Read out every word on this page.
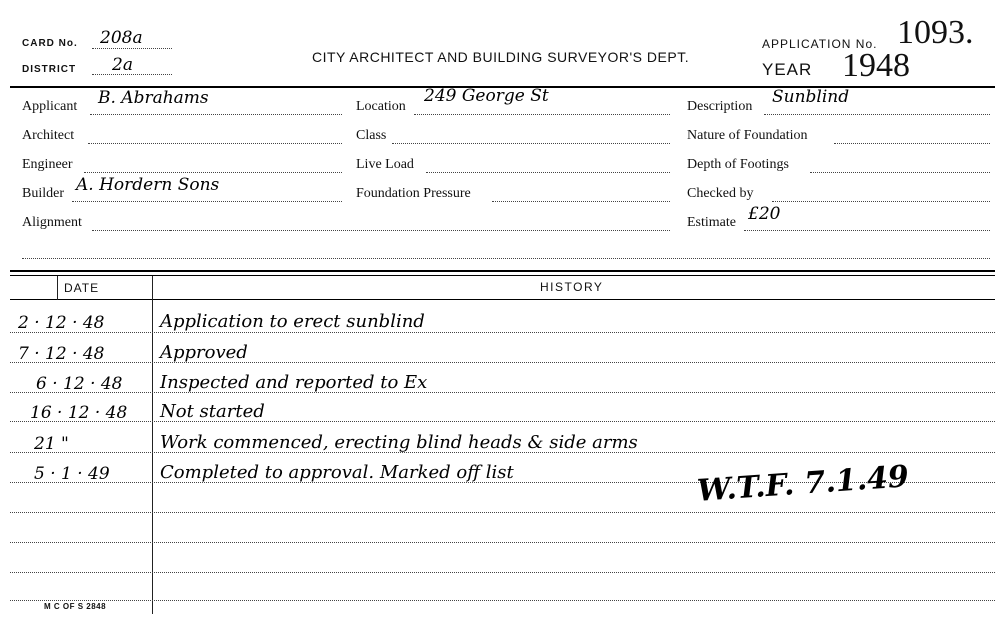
CARD No. 208a
DISTRICT 2a	CITY ARCHITECT AND BUILDING SURVEYOR'S DEPT.
APPLICATION No. 1093.
YEAR 1948
Applicant B. Abrahams
Architect
Engineer
Builder A. Hordern Sons
Alignment
Location
249 George St
Class
Live Load
Foundation Pressure
Description Sunblind
Nature of Foundation
Depth of Footings
Checked by
Estimate £20
DATE	HISTORY
2 · 12 · 48	Application to erect sunblind
7 · 12 · 48	Approved
6 · 12 · 48 Inspected and reported to Ex
16 · 12 · 48 Not started
21 "	Work commenced, erecting blind heads & side arms
5 · 1 · 49	Completed to approval. Marked off list	W.T.F. 7.1.49
M C OF S 2848
